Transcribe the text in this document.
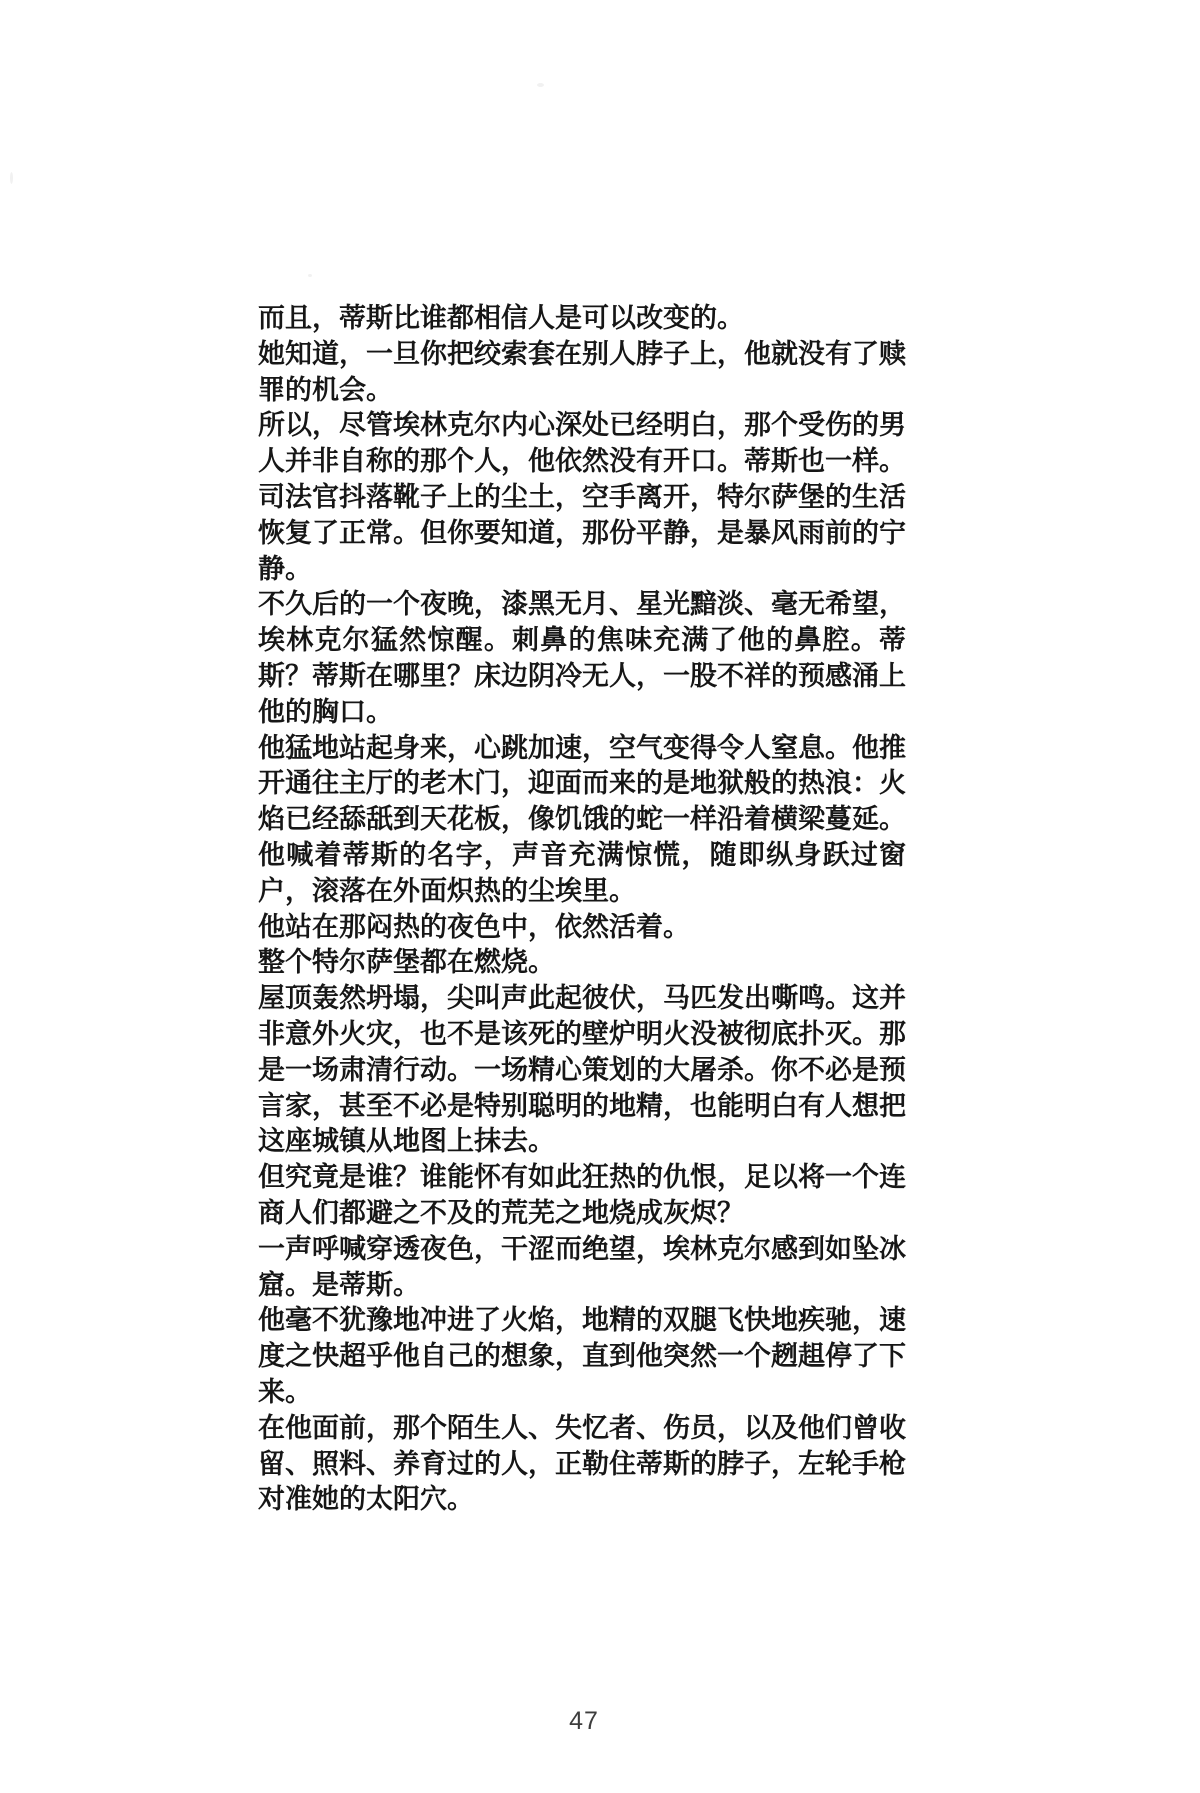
而且，蒂斯比谁都相信人是可以改变的。
她知道，一旦你把绞索套在别人脖子上，他就没有了赎
罪的机会。
所以，尽管埃林克尔内心深处已经明白，那个受伤的男
人并非自称的那个人，他依然没有开口。蒂斯也一样。
司法官抖落靴子上的尘土，空手离开，特尔萨堡的生活
恢复了正常。但你要知道，那份平静，是暴风雨前的宁
静。
不久后的一个夜晚，漆黑无月、星光黯淡、毫无希望，
埃林克尔猛然惊醒。刺鼻的焦味充满了他的鼻腔。蒂
斯？蒂斯在哪里？床边阴冷无人，一股不祥的预感涌上
他的胸口。
他猛地站起身来，心跳加速，空气变得令人窒息。他推
开通往主厅的老木门，迎面而来的是地狱般的热浪：火
焰已经舔舐到天花板，像饥饿的蛇一样沿着横梁蔓延。
他喊着蒂斯的名字，声音充满惊慌，随即纵身跃过窗
户，滚落在外面炽热的尘埃里。
他站在那闷热的夜色中，依然活着。
整个特尔萨堡都在燃烧。
屋顶轰然坍塌，尖叫声此起彼伏，马匹发出嘶鸣。这并
非意外火灾，也不是该死的壁炉明火没被彻底扑灭。那
是一场肃清行动。一场精心策划的大屠杀。你不必是预
言家，甚至不必是特别聪明的地精，也能明白有人想把
这座城镇从地图上抹去。
但究竟是谁？谁能怀有如此狂热的仇恨，足以将一个连
商人们都避之不及的荒芜之地烧成灰烬？
一声呼喊穿透夜色，干涩而绝望，埃林克尔感到如坠冰
窟。是蒂斯。
他毫不犹豫地冲进了火焰，地精的双腿飞快地疾驰，速
度之快超乎他自己的想象，直到他突然一个趔趄停了下
来。
在他面前，那个陌生人、失忆者、伤员，以及他们曾收
留、照料、养育过的人，正勒住蒂斯的脖子，左轮手枪
对准她的太阳穴。
47
